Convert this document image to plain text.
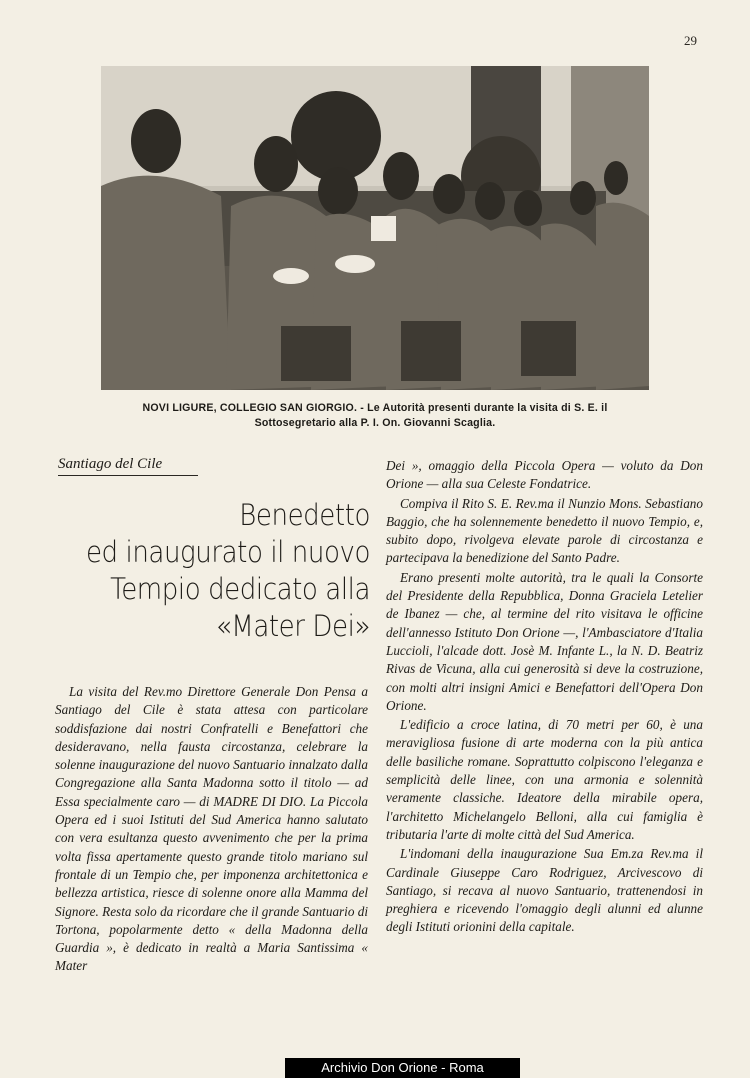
29
NOVI LIGURE, COLLEGIO SAN GIORGIO. - Le Autorità presenti durante la visita di S. E. il
Sottosegretario alla P. I. On. Giovanni Scaglia.
Santiago del Cile
Benedetto
ed inaugurato il nuovo
Tempio dedicato alla
«Mater Dei»

La visita del Rev.mo Direttore Generale Don Pensa a Santiago del Cile è stata attesa con particolare soddisfazione dai nostri Confratelli e Benefattori che desideravano, nella fausta circostanza, celebrare la solenne inaugurazione del nuovo Santuario innalzato dalla Congregazione alla Santa Madonna sotto il titolo — ad Essa specialmente caro — di MADRE DI DIO. La Piccola Opera ed i suoi Istituti del Sud America hanno salutato con vera esultanza questo avvenimento che per la prima volta fissa apertamente questo grande titolo mariano sul frontale di un Tempio che, per imponenza architettonica e bellezza artistica, riesce di solenne onore alla Mamma del Signore. Resta solo da ricordare che il grande Santuario di Tortona, popolarmente detto « della Madonna della Guardia », è dedicato in realtà a Maria Santissima « Mater

Dei », omaggio della Piccola Opera — voluto da Don Orione — alla sua Celeste Fondatrice.

Compiva il Rito S. E. Rev.ma il Nunzio Mons. Sebastiano Baggio, che ha solennemente benedetto il nuovo Tempio, e, subito dopo, rivolgeva elevate parole di circostanza e partecipava la benedizione del Santo Padre.

Erano presenti molte autorità, tra le quali la Consorte del Presidente della Repubblica, Donna Graciela Letelier de Ibanez — che, al termine del rito visitava le officine dell'annesso Istituto Don Orione —, l'Ambasciatore d'Italia Luccioli, l'alcade dott. Josè M. Infante L., la N. D. Beatriz Rivas de Vicuna, alla cui generosità si deve la costruzione, con molti altri insigni Amici e Benefattori dell'Opera Don Orione.

L'edificio a croce latina, di 70 metri per 60, è una meravigliosa fusione di arte moderna con la più antica delle basiliche romane. Soprattutto colpiscono l'eleganza e semplicità delle linee, con una armonia e solennità veramente classiche. Ideatore della mirabile opera, l'architetto Michelangelo Belloni, alla cui famiglia è tributaria l'arte di molte città del Sud America.

L'indomani della inaugurazione Sua Em.za Rev.ma il Cardinale Giuseppe Caro Rodriguez, Arcivescovo di Santiago, si recava al nuovo Santuario, trattenendosi in preghiera e ricevendo l'omaggio degli alunni ed alunne degli Istituti orionini della capitale.

Archivio Don Orione - Roma
